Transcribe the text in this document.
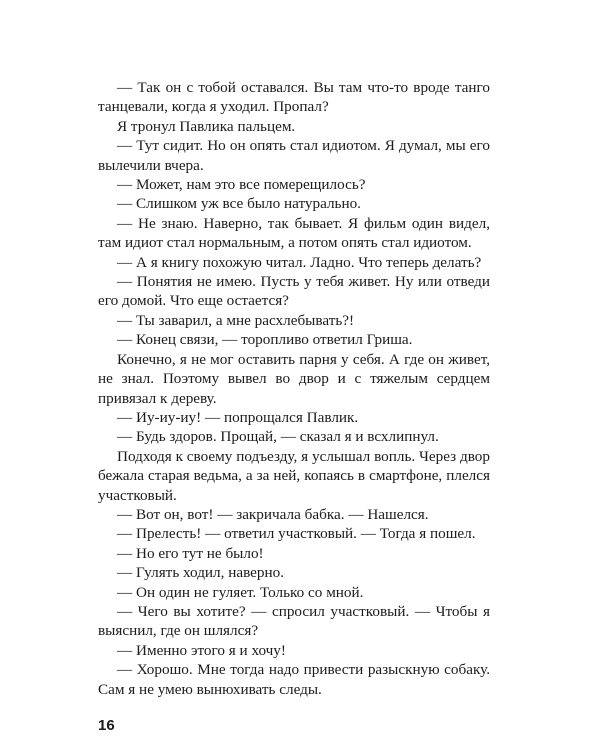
— Так он с тобой оставался. Вы там что-то вроде танго танцевали, когда я уходил. Пропал?

Я тронул Павлика пальцем.

— Тут сидит. Но он опять стал идиотом. Я думал, мы его вылечили вчера.

— Может, нам это все померещилось?

— Слишком уж все было натурально.

— Не знаю. Наверно, так бывает. Я фильм один видел, там идиот стал нормальным, а потом опять стал идиотом.

— А я книгу похожую читал. Ладно. Что теперь делать?

— Понятия не имею. Пусть у тебя живет. Ну или отведи его домой. Что еще остается?

— Ты заварил, а мне расхлебывать?!

— Конец связи, — торопливо ответил Гриша.

Конечно, я не мог оставить парня у себя. А где он живет, не знал. Поэтому вывел во двор и с тяжелым сердцем привязал к дереву.

— Иу-иу-иу! — попрощался Павлик.

— Будь здоров. Прощай, — сказал я и всхлипнул.

Подходя к своему подъезду, я услышал вопль. Через двор бежала старая ведьма, а за ней, копаясь в смартфоне, плелся участковый.

— Вот он, вот! — закричала бабка. — Нашелся.

— Прелесть! — ответил участковый. — Тогда я пошел.

— Но его тут не было!

— Гулять ходил, наверно.

— Он один не гуляет. Только со мной.

— Чего вы хотите? — спросил участковый. — Чтобы я выяснил, где он шлялся?

— Именно этого я и хочу!

— Хорошо. Мне тогда надо привести разыскную собаку. Сам я не умею вынюхивать следы.

16
